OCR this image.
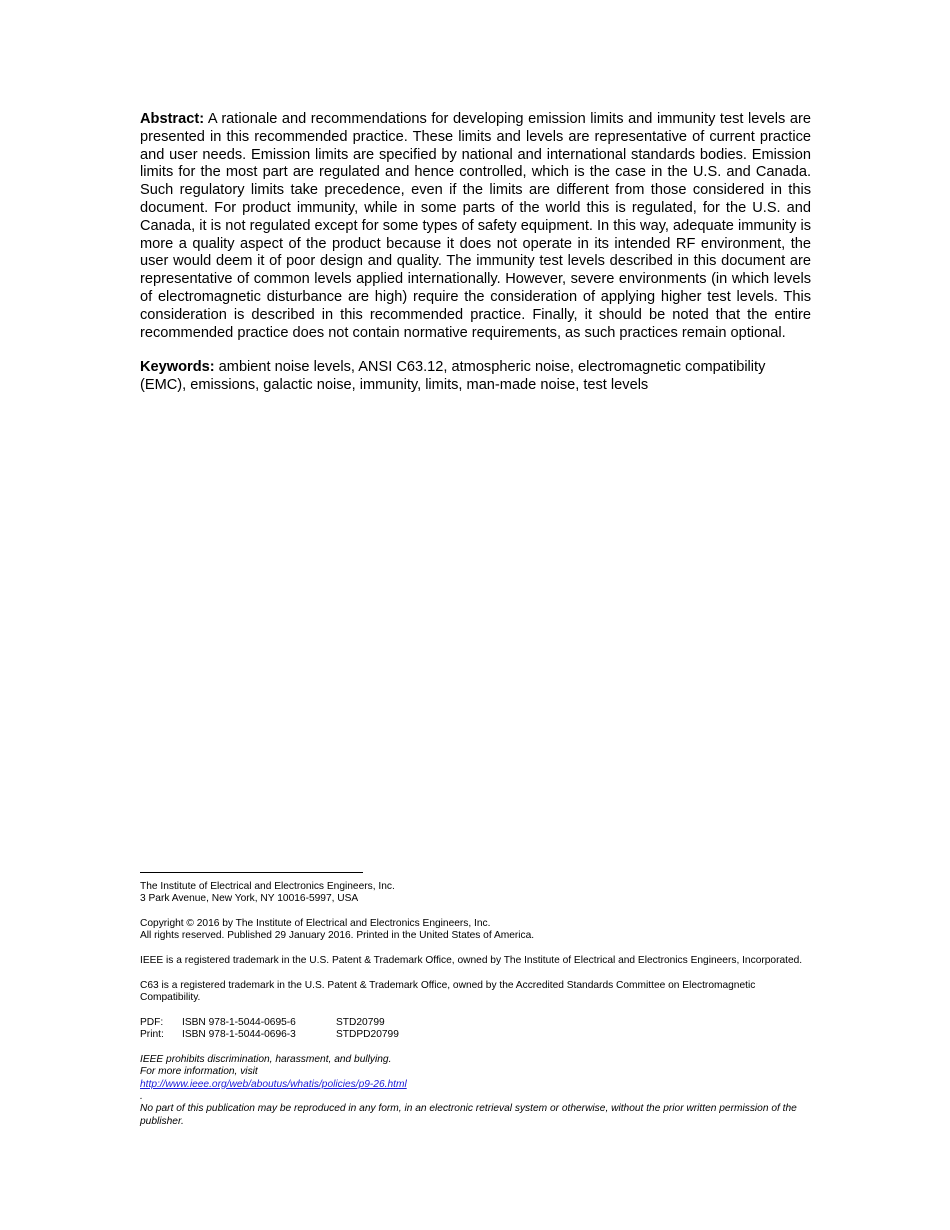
Abstract: A rationale and recommendations for developing emission limits and immunity test levels are presented in this recommended practice. These limits and levels are representative of current practice and user needs. Emission limits are specified by national and international standards bodies. Emission limits for the most part are regulated and hence controlled, which is the case in the U.S. and Canada. Such regulatory limits take precedence, even if the limits are different from those considered in this document. For product immunity, while in some parts of the world this is regulated, for the U.S. and Canada, it is not regulated except for some types of safety equipment. In this way, adequate immunity is more a quality aspect of the product because it does not operate in its intended RF environment, the user would deem it of poor design and quality. The immunity test levels described in this document are representative of common levels applied internationally. However, severe environments (in which levels of electromagnetic disturbance are high) require the consideration of applying higher test levels. This consideration is described in this recommended practice. Finally, it should be noted that the entire recommended practice does not contain normative requirements, as such practices remain optional.

Keywords: ambient noise levels, ANSI C63.12, atmospheric noise, electromagnetic compatibility (EMC), emissions, galactic noise, immunity, limits, man-made noise, test levels

The Institute of Electrical and Electronics Engineers, Inc.
3 Park Avenue, New York, NY 10016-5997, USA
Copyright © 2016 by The Institute of Electrical and Electronics Engineers, Inc.
All rights reserved. Published 29 January 2016. Printed in the United States of America.
IEEE is a registered trademark in the U.S. Patent & Trademark Office, owned by The Institute of Electrical and Electronics Engineers, Incorporated.
C63 is a registered trademark in the U.S. Patent & Trademark Office, owned by the Accredited Standards Committee on Electromagnetic Compatibility.
PDF:	ISBN 978-1-5044-0695-6	STD20799
Print:	ISBN 978-1-5044-0696-3	STDPD20799
IEEE prohibits discrimination, harassment, and bullying.
For more information, visit
http://www.ieee.org/web/aboutus/whatis/policies/p9-26.html
.
No part of this publication may be reproduced in any form, in an electronic retrieval system or otherwise, without the prior written permission of the publisher.
